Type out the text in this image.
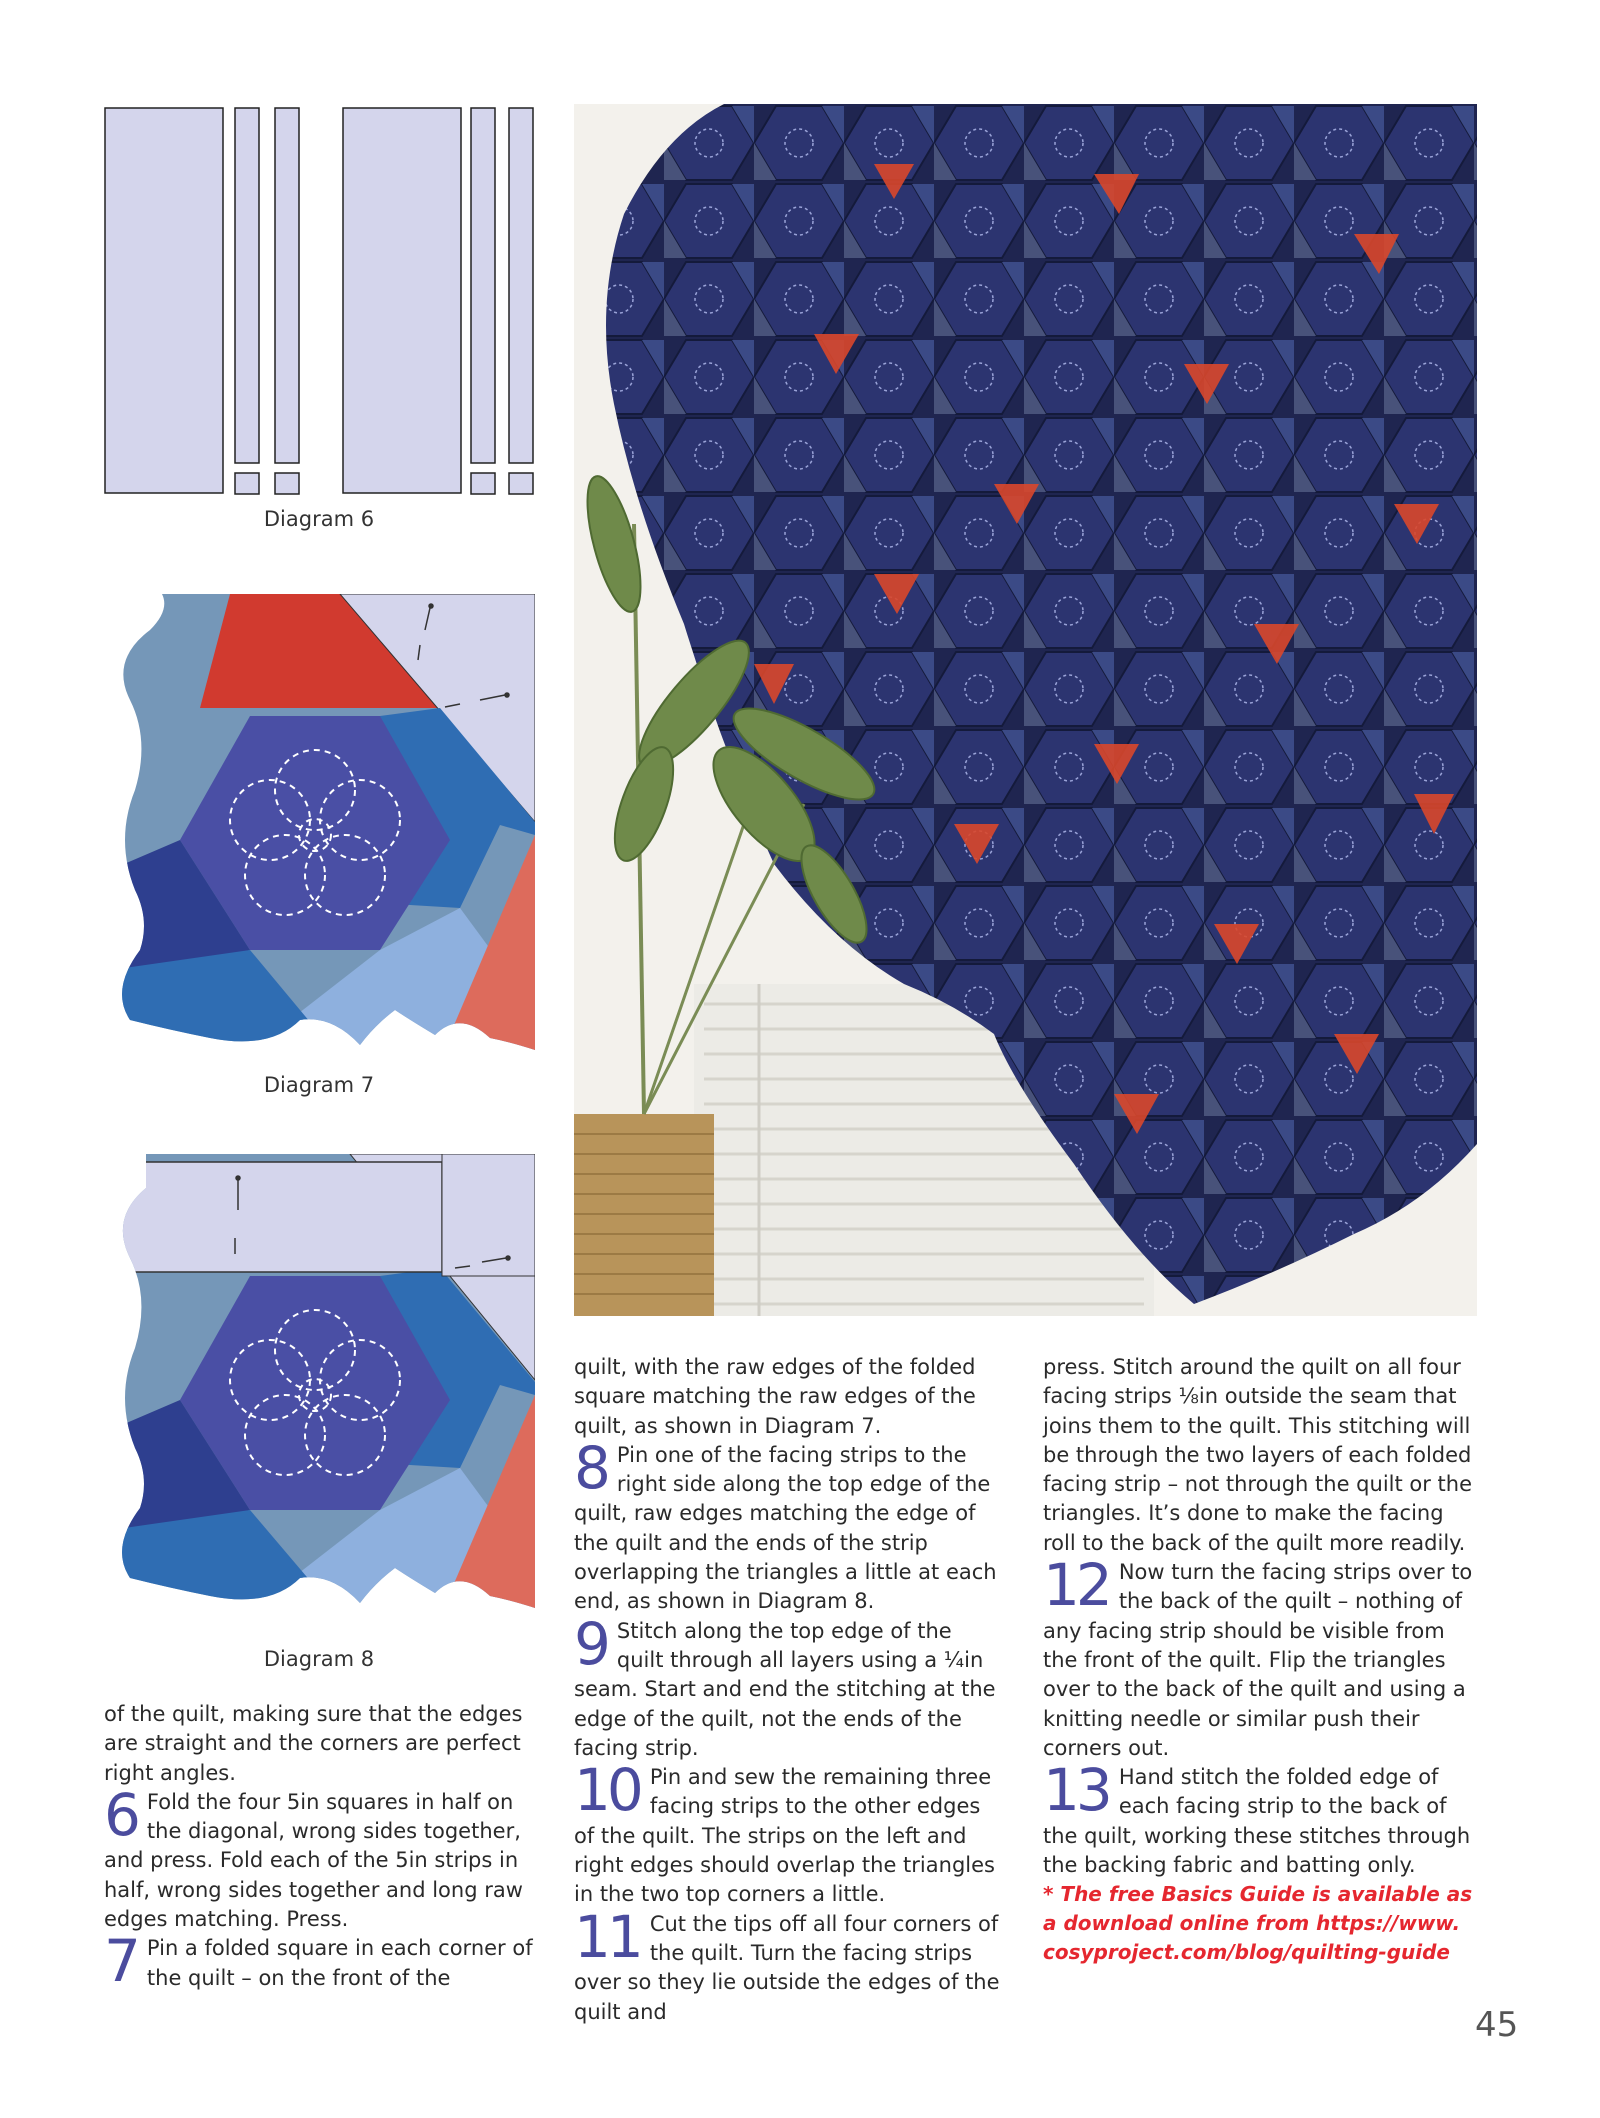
Diagram 6
Diagram 7
Diagram 8

of the quilt, making sure that the edges are straight and the corners are perfect right angles.

6 Fold the four 5in squares in half on the diagonal, wrong sides together, and press. Fold each of the 5in strips in half, wrong sides together and long raw edges matching. Press.

7 Pin a folded square in each corner of the quilt – on the front of the

quilt, with the raw edges of the folded square matching the raw edges of the quilt, as shown in Diagram 7.

8 Pin one of the facing strips to the right side along the top edge of the quilt, raw edges matching the edge of the quilt and the ends of the strip overlapping the triangles a little at each end, as shown in Diagram 8.

9 Stitch along the top edge of the quilt through all layers using a ¼in seam. Start and end the stitching at the edge of the quilt, not the ends of the facing strip.

10 Pin and sew the remaining three facing strips to the other edges of the quilt. The strips on the left and right edges should overlap the triangles in the two top corners a little.

11 Cut the tips off all four corners of the quilt. Turn the facing strips over so they lie outside the edges of the quilt and

press. Stitch around the quilt on all four facing strips ⅛in outside the seam that joins them to the quilt. This stitching will be through the two layers of each folded facing strip – not through the quilt or the triangles. It’s done to make the facing roll to the back of the quilt more readily.

12 Now turn the facing strips over to the back of the quilt – nothing of any facing strip should be visible from the front of the quilt. Flip the triangles over to the back of the quilt and using a knitting needle or similar push their corners out.

13 Hand stitch the folded edge of each facing strip to the back of the quilt, working these stitches through the backing fabric and batting only.

* The free Basics Guide is available as a download online from https://www. cosyproject.com/blog/quilting-guide

45
